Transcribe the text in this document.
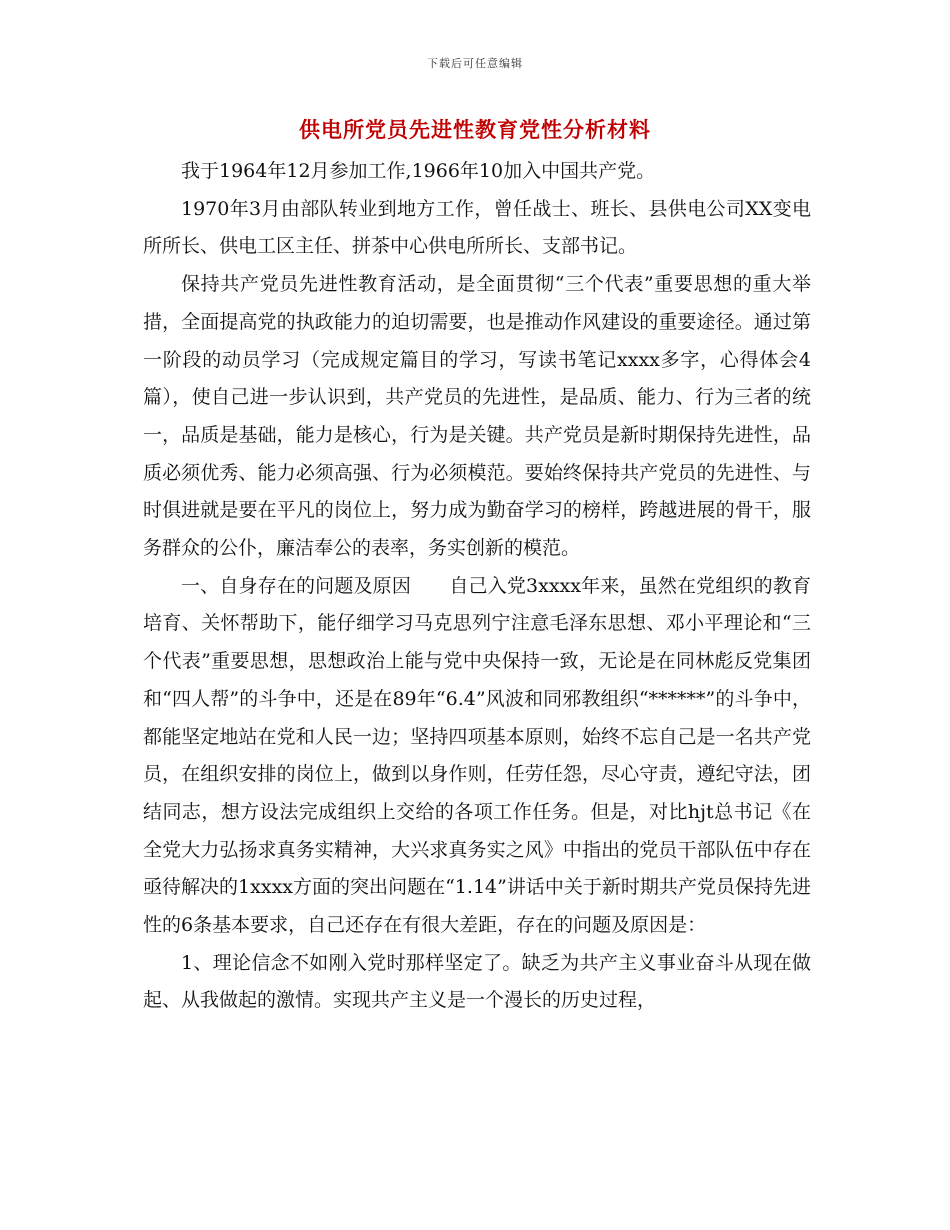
下载后可任意编辑
供电所党员先进性教育党性分析材料

我于1964年12月参加工作,1966年10加入中国共产党。

1970年3月由部队转业到地方工作，曾任战士、班长、县供电公司XX变电所所长、供电工区主任、拼茶中心供电所所长、支部书记。

保持共产党员先进性教育活动，是全面贯彻“三个代表”重要思想的重大举措，全面提高党的执政能力的迫切需要，也是推动作风建设的重要途径。通过第一阶段的动员学习（完成规定篇目的学习，写读书笔记xxxx多字，心得体会4篇），使自己进一步认识到，共产党员的先进性，是品质、能力、行为三者的统一，品质是基础，能力是核心，行为是关键。共产党员是新时期保持先进性，品质必须优秀、能力必须高强、行为必须模范。要始终保持共产党员的先进性、与时俱进就是要在平凡的岗位上，努力成为勤奋学习的榜样，跨越进展的骨干，服务群众的公仆，廉洁奉公的表率，务实创新的模范。

一、自身存在的问题及原因　　自己入党3xxxx年来，虽然在党组织的教育培育、关怀帮助下，能仔细学习马克思列宁注意毛泽东思想、邓小平理论和“三个代表”重要思想，思想政治上能与党中央保持一致，无论是在同林彪反党集团和“四人帮”的斗争中，还是在89年“6.4”风波和同邪教组织“******”的斗争中，都能坚定地站在党和人民一边；坚持四项基本原则，始终不忘自己是一名共产党员，在组织安排的岗位上，做到以身作则，任劳任怨，尽心守责，遵纪守法，团结同志，想方设法完成组织上交给的各项工作任务。但是，对比hjt总书记《在全党大力弘扬求真务实精神，大兴求真务实之风》中指出的党员干部队伍中存在亟待解决的1xxxx方面的突出问题在“1.14”讲话中关于新时期共产党员保持先进性的6条基本要求，自己还存在有很大差距，存在的问题及原因是：

1、理论信念不如刚入党时那样坚定了。缺乏为共产主义事业奋斗从现在做起、从我做起的激情。实现共产主义是一个漫长的历史过程，
